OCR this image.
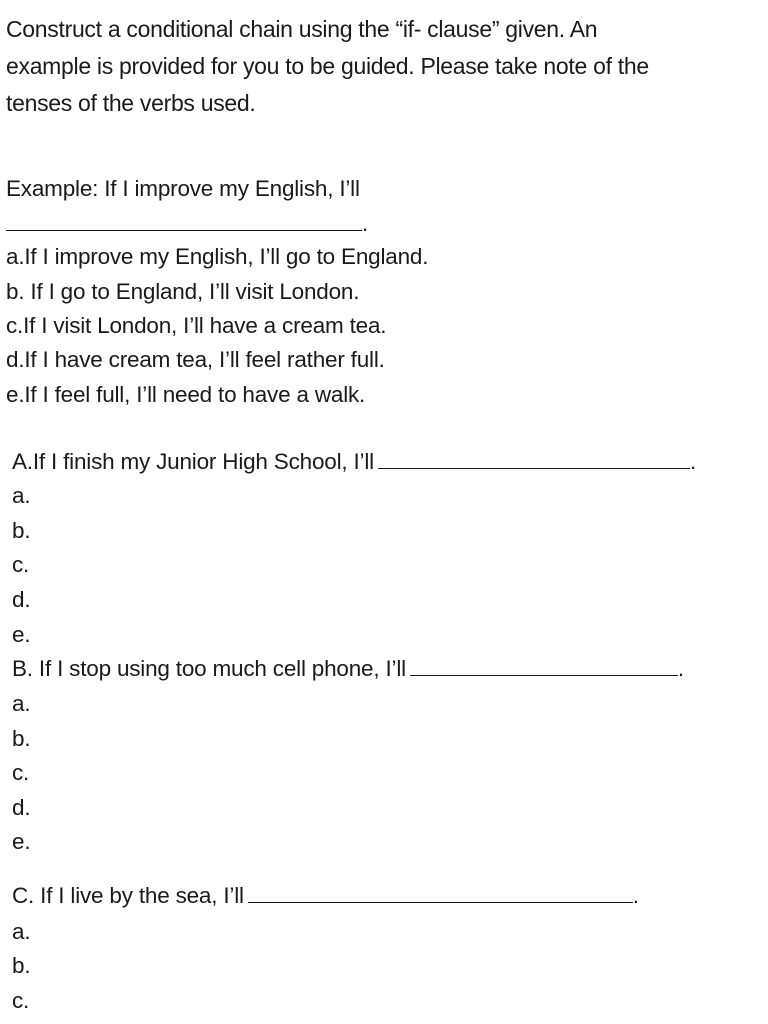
Construct a conditional chain using the “if- clause” given. An
example is provided for you to be guided. Please take note of the
tenses of the verbs used.
Example: If I improve my English, I’ll
.
a.If I improve my English, I’ll go to England.
b. If I go to England, I’ll visit London.
c.If I visit London, I’ll have a cream tea.
d.If I have cream tea, I’ll feel rather full.
e.If I feel full, I’ll need to have a walk.
A.If I finish my Junior High School, I’ll	.
a.
b.
c.
d.
e.
B. If I stop using too much cell phone, I’ll	.
a.
b.
c.
d.
e.
C. If I live by the sea, I’ll	.
a.
b.
c.
